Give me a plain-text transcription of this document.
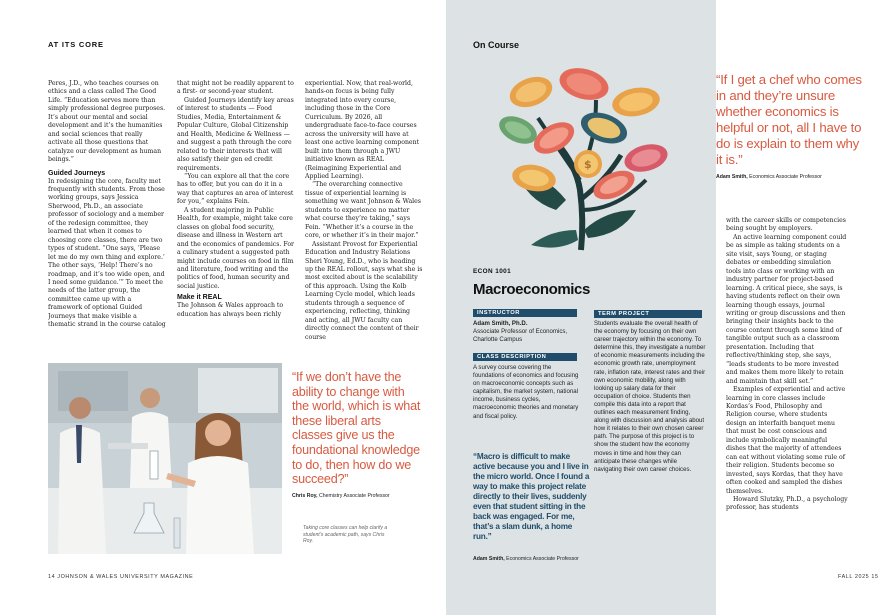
AT ITS CORE

Peres, J.D., who teaches courses on ethics and a class called The Good Life. “Education serves more than simply professional degree purposes. It’s about our mental and social development and it’s the humanities and social sciences that really activate all those questions that catalyze our development as human beings.”

Guided Journeys

In redesigning the core, faculty met frequently with students. From those working groups, says Jessica Sherwood, Ph.D., an associate professor of sociology and a member of the redesign committee, they learned that when it comes to choosing core classes, there are two types of student. “One says, ‘Please let me do my own thing and explore.’ The other says, ‘Help! There’s no roadmap, and it’s too wide open, and I need some guidance.’” To meet the needs of the latter group, the committee came up with a framework of optional Guided Journeys that make visible a thematic strand in the course catalog

that might not be readily apparent to a first- or second-year student.

Guided Journeys identify key areas of interest to students — Food Studies, Media, Entertainment & Popular Culture, Global Citizenship and Health, Medicine & Wellness — and suggest a path through the core related to their interests that will also satisfy their gen ed credit requirements.

“You can explore all that the core has to offer, but you can do it in a way that captures an area of interest for you,” explains Fein.

A student majoring in Public Health, for example, might take core classes on global food security, disease and illness in Western art and the economics of pandemics. For a culinary student a suggested path might include courses on food in film and literature, food writing and the politics of food, human security and social justice.

Make it REAL

The Johnson & Wales approach to education has always been richly

experiential. Now, that real-world, hands-on focus is being fully integrated into every course, including those in the Core Curriculum. By 2026, all undergraduate face-to-face courses across the university will have at least one active learning component built into them through a JWU initiative known as REAL (Reimagining Experiential and Applied Learning).

“The overarching connective tissue of experiential learning is something we want Johnson & Wales students to experience no matter what course they’re taking,” says Fein. “Whether it’s a course in the core, or whether it’s in their major.”

Assistant Provost for Experiential Education and Industry Relations Sheri Young, Ed.D., who is heading up the REAL rollout, says what she is most excited about is the scalability of this approach. Using the Kolb Learning Cycle model, which leads students through a sequence of experiencing, reflecting, thinking and acting, all JWU faculty can directly connect the content of their course

“If we don’t have the ability to change with the world, which is what these liberal arts classes give us the foundational knowledge to do, then how do we succeed?”
Chris Roy, Chemistry Associate Professor
Taking core classes can help clarify a student’s academic path, says Chris Roy.
14 JOHNSON & WALES UNIVERSITY MAGAZINE
On Course
$
ECON 1001
Macroeconomics
INSTRUCTOR
Adam Smith, Ph.D.
Associate Professor of Economics, Charlotte Campus
CLASS DESCRIPTION
A survey course covering the foundations of economics and focusing on macroeconomic concepts such as capitalism, the market system, national income, business cycles, macroeconomic theories and monetary and fiscal policy.
TERM PROJECT
Students evaluate the overall health of the economy by focusing on their own career trajectory within the economy. To determine this, they investigate a number of economic measurements including the economic growth rate, unemployment rate, inflation rate, interest rates and their own economic mobility, along with looking up salary data for their occupation of choice. Students then compile this data into a report that outlines each measurement finding, along with discussion and analysis about how it relates to their own chosen career path. The purpose of this project is to show the student how the economy moves in time and how they can anticipate these changes while navigating their own career choices.
“Macro is difficult to make active because you and I live in the micro world. Once I found a way to make this project relate directly to their lives, suddenly even that student sitting in the back was engaged. For me, that’s a slam dunk, a home run.”
Adam Smith, Economics Associate Professor
“If I get a chef who comes in and they’re unsure whether economics is helpful or not, all I have to do is explain to them why it is.”
Adam Smith, Economics Associate Professor

with the career skills or competencies being sought by employers.

An active learning component could be as simple as taking students on a site visit, says Young, or staging debates or embedding simulation tools into class or working with an industry partner for project-based learning. A critical piece, she says, is having students reflect on their own learning though essays, journal writing or group discussions and then bringing their insights back to the course content through some kind of tangible output such as a classroom presentation. Including that reflective/thinking step, she says, “leads students to be more invested and makes them more likely to retain and maintain that skill set.”

Examples of experiential and active learning in core classes include Kordas’s Food, Philosophy and Religion course, where students design an interfaith banquet menu that must be cost conscious and include symbolically meaningful dishes that the majority of attendees can eat without violating some rule of their religion. Students become so invested, says Kordas, that they have often cooked and sampled the dishes themselves.

Howard Slutzky, Ph.D., a psychology professor, has students

FALL 2025 15
